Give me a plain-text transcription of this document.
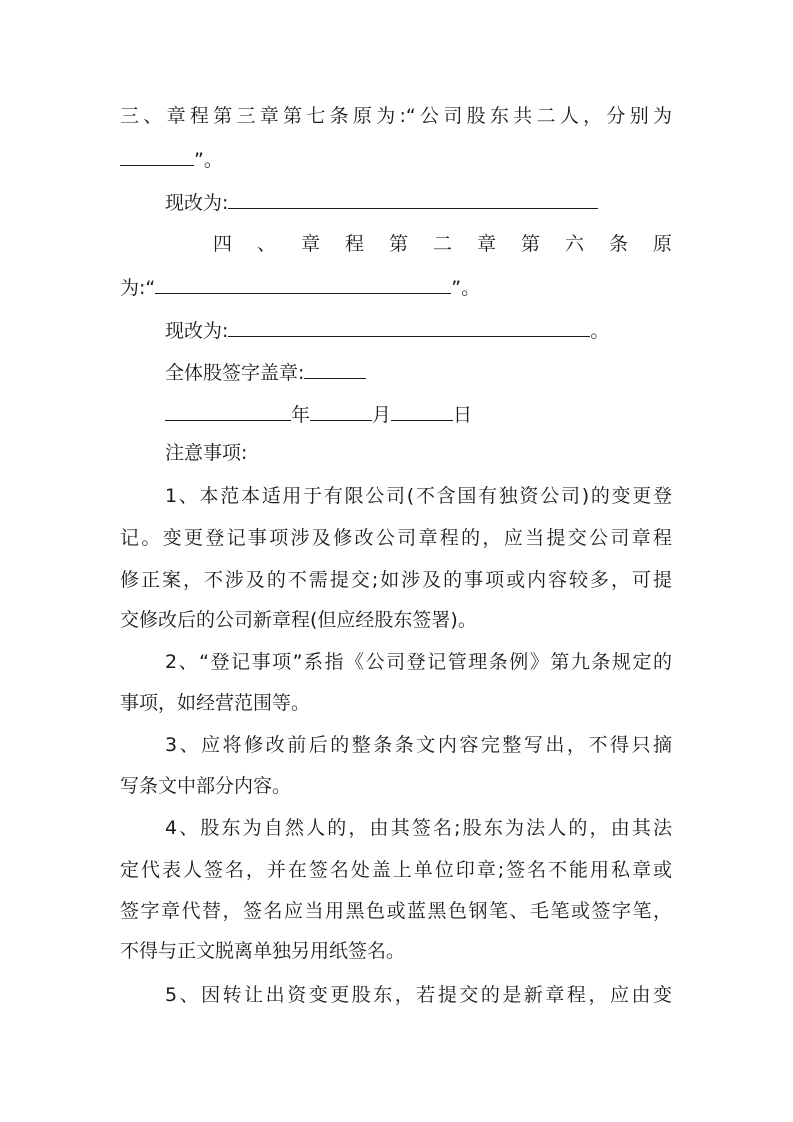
三、章程第三章第七条原为:“公司股东共二人，分别为
”。
现改为:
四 、 章 程 第 二 章 第 六 条 原
为:“	”。
现改为:	。
全体股签字盖章:
年	月	日
注意事项:
1、本范本适用于有限公司(不含国有独资公司)的变更登
记。变更登记事项涉及修改公司章程的，应当提交公司章程
修正案，不涉及的不需提交;如涉及的事项或内容较多，可提
交修改后的公司新章程(但应经股东签署)。
2、“登记事项”系指《公司登记管理条例》第九条规定的
事项，如经营范围等。
3、应将修改前后的整条条文内容完整写出，不得只摘
写条文中部分内容。
4、股东为自然人的，由其签名;股东为法人的，由其法
定代表人签名，并在签名处盖上单位印章;签名不能用私章或
签字章代替，签名应当用黑色或蓝黑色钢笔、毛笔或签字笔，
不得与正文脱离单独另用纸签名。
5、因转让出资变更股东，若提交的是新章程，应由变
